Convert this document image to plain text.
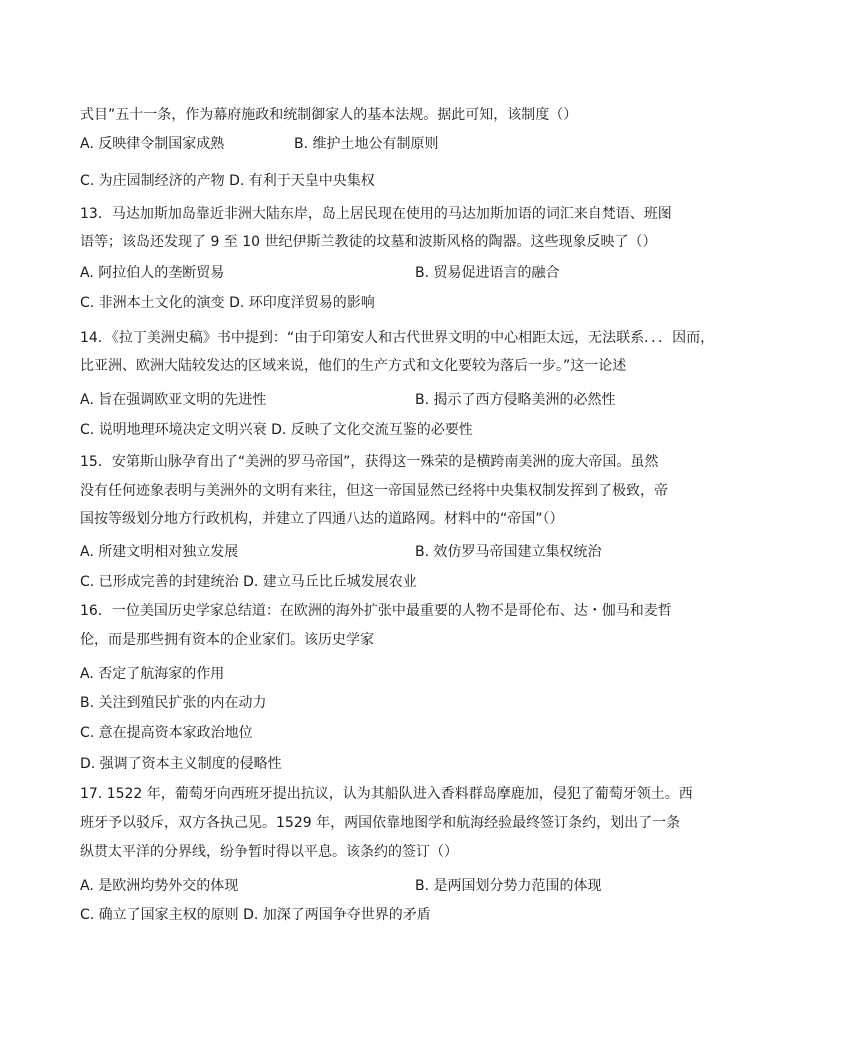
式目”五十一条，作为幕府施政和统制御家人的基本法规。据此可知，该制度（）
A. 反映律令制国家成熟	B. 维护土地公有制原则
C. 为庄园制经济的产物 D. 有利于天皇中央集权
13．马达加斯加岛靠近非洲大陆东岸，岛上居民现在使用的马达加斯加语的词汇来自梵语、班图
语等；该岛还发现了 9 至 10 世纪伊斯兰教徒的坟墓和波斯风格的陶器。这些现象反映了（）
A. 阿拉伯人的垄断贸易	B. 贸易促进语言的融合
C. 非洲本土文化的演变 D. 环印度洋贸易的影响
14．《拉丁美洲史稿》书中提到：“由于印第安人和古代世界文明的中心相距太远，无法联系．．．因而，
比亚洲、欧洲大陆较发达的区域来说，他们的生产方式和文化要较为落后一步。”这一论述
A. 旨在强调欧亚文明的先进性	B. 揭示了西方侵略美洲的必然性
C. 说明地理环境决定文明兴衰 D. 反映了文化交流互鉴的必要性
15．安第斯山脉孕育出了“美洲的罗马帝国”，获得这一殊荣的是横跨南美洲的庞大帝国。虽然
没有任何迹象表明与美洲外的文明有来往，但这一帝国显然已经将中央集权制发挥到了极致，帝
国按等级划分地方行政机构，并建立了四通八达的道路网。材料中的“帝国”（）
A. 所建文明相对独立发展	B. 效仿罗马帝国建立集权统治
C. 已形成完善的封建统治 D. 建立马丘比丘城发展农业
16．一位美国历史学家总结道：在欧洲的海外扩张中最重要的人物不是哥伦布、达・伽马和麦哲
伦，而是那些拥有资本的企业家们。该历史学家
A. 否定了航海家的作用
B. 关注到殖民扩张的内在动力
C. 意在提高资本家政治地位
D. 强调了资本主义制度的侵略性
17. 1522 年，葡萄牙向西班牙提出抗议，认为其船队进入香料群岛摩鹿加，侵犯了葡萄牙领土。西
班牙予以驳斥，双方各执己见。1529 年，两国依靠地图学和航海经验最终签订条约，划出了一条
纵贯太平洋的分界线，纷争暂时得以平息。该条约的签订（）
A. 是欧洲均势外交的体现	B. 是两国划分势力范围的体现
C. 确立了国家主权的原则 D. 加深了两国争夺世界的矛盾
